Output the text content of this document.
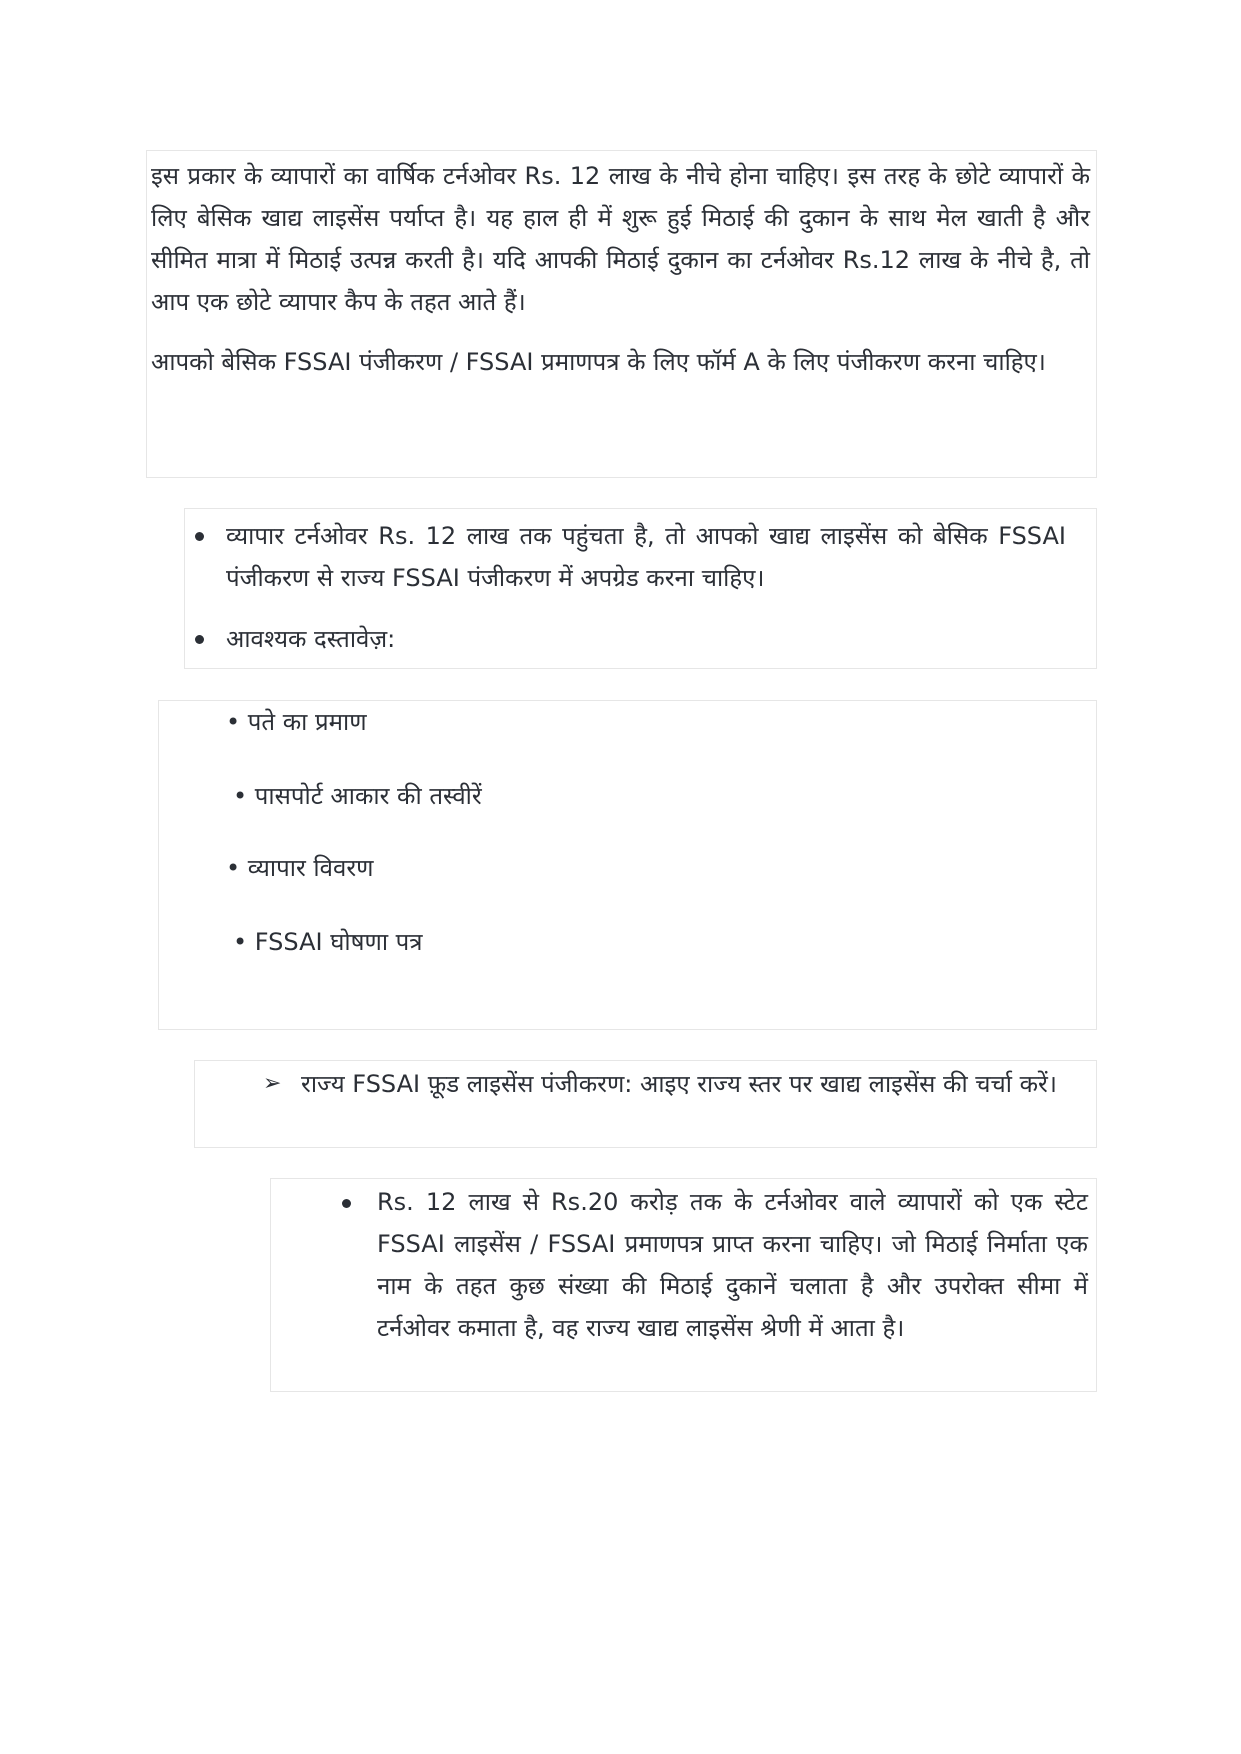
इस प्रकार के व्यापारों का वार्षिक टर्नओवर Rs. 12 लाख के नीचे होना चाहिए। इस तरह के छोटे व्यापारों के लिए बेसिक खाद्य लाइसेंस पर्याप्त है। यह हाल ही में शुरू हुई मिठाई की दुकान के साथ मेल खाती है और सीमित मात्रा में मिठाई उत्पन्न करती है। यदि आपकी मिठाई दुकान का टर्नओवर Rs.12 लाख के नीचे है, तो आप एक छोटे व्यापार कैप के तहत आते हैं।

आपको बेसिक FSSAI पंजीकरण / FSSAI प्रमाणपत्र के लिए फॉर्म A के लिए पंजीकरण करना चाहिए।

व्यापार टर्नओवर Rs. 12 लाख तक पहुंचता है, तो आपको खाद्य लाइसेंस को बेसिक FSSAI पंजीकरण से राज्य FSSAI पंजीकरण में अपग्रेड करना चाहिए।

आवश्यक दस्तावेज़:

• पते का प्रमाण

• पासपोर्ट आकार की तस्वीरें

• व्यापार विवरण

• FSSAI घोषणा पत्र

➢ राज्य FSSAI फ़ूड लाइसेंस पंजीकरण: आइए राज्य स्तर पर खाद्य लाइसेंस की चर्चा करें।

Rs. 12 लाख से Rs.20 करोड़ तक के टर्नओवर वाले व्यापारों को एक स्टेट FSSAI लाइसेंस / FSSAI प्रमाणपत्र प्राप्त करना चाहिए। जो मिठाई निर्माता एक नाम के तहत कुछ संख्या की मिठाई दुकानें चलाता है और उपरोक्त सीमा में टर्नओवर कमाता है, वह राज्य खाद्य लाइसेंस श्रेणी में आता है।
